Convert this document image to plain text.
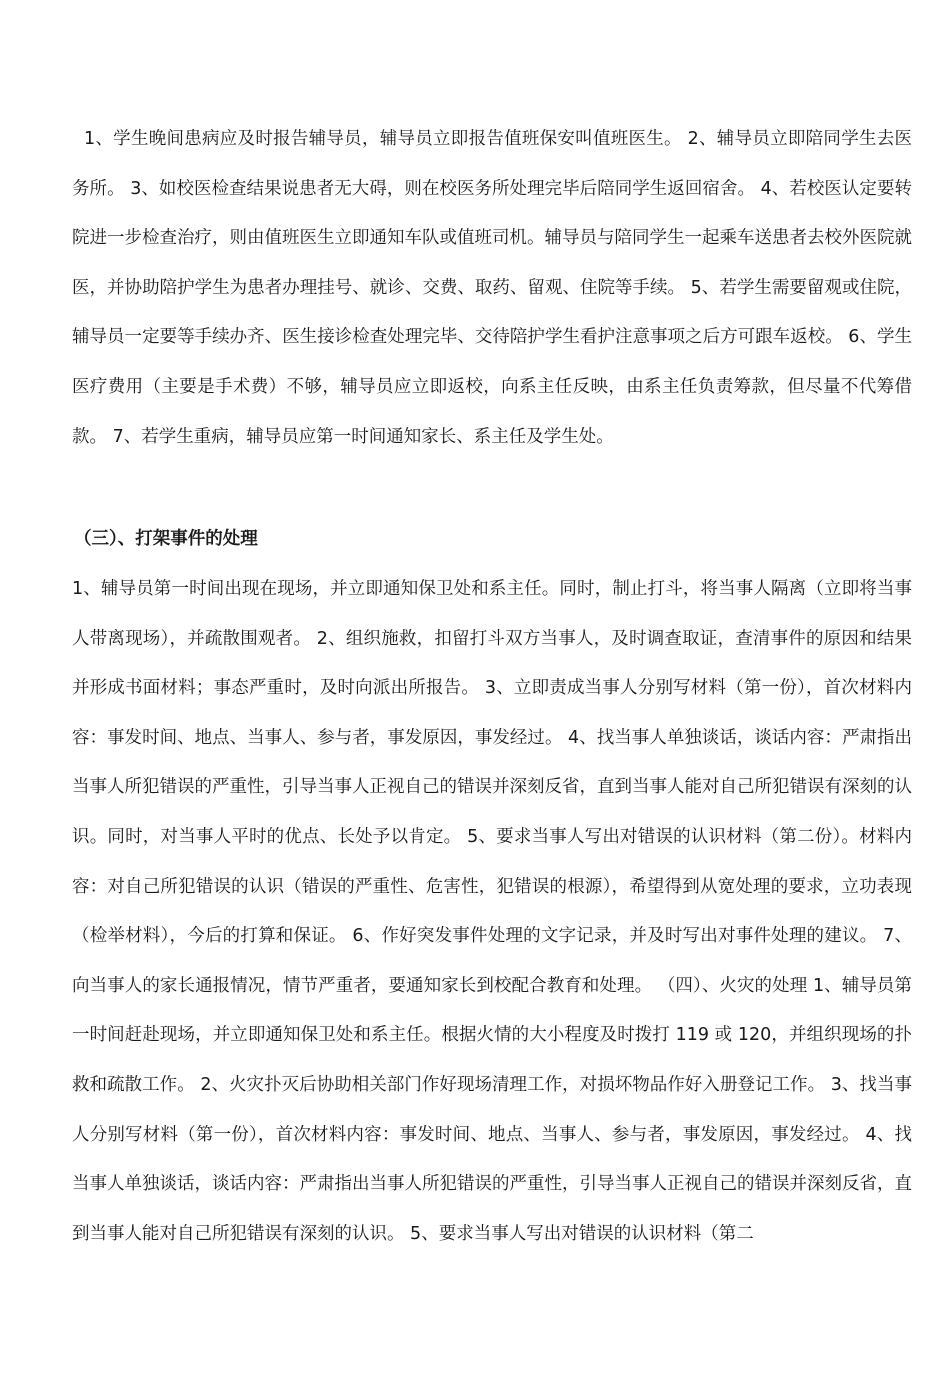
1、学生晚间患病应及时报告辅导员，辅导员立即报告值班保安叫值班医生。 2、辅导员立即陪同学生去医务所。 3、如校医检查结果说患者无大碍，则在校医务所处理完毕后陪同学生返回宿舍。 4、若校医认定要转院进一步检查治疗，则由值班医生立即通知车队或值班司机。辅导员与陪同学生一起乘车送患者去校外医院就医，并协助陪护学生为患者办理挂号、就诊、交费、取药、留观、住院等手续。 5、若学生需要留观或住院，辅导员一定要等手续办齐、医生接诊检查处理完毕、交待陪护学生看护注意事项之后方可跟车返校。 6、学生医疗费用（主要是手术费）不够，辅导员应立即返校，向系主任反映，由系主任负责筹款，但尽量不代筹借款。 7、若学生重病，辅导员应第一时间通知家长、系主任及学生处。
（三）、打架事件的处理
1、辅导员第一时间出现在现场，并立即通知保卫处和系主任。同时，制止打斗，将当事人隔离（立即将当事人带离现场），并疏散围观者。 2、组织施救，扣留打斗双方当事人，及时调查取证，查清事件的原因和结果并形成书面材料；事态严重时，及时向派出所报告。 3、立即责成当事人分别写材料（第一份），首次材料内容：事发时间、地点、当事人、参与者，事发原因，事发经过。 4、找当事人单独谈话，谈话内容：严肃指出当事人所犯错误的严重性，引导当事人正视自己的错误并深刻反省，直到当事人能对自己所犯错误有深刻的认识。同时，对当事人平时的优点、长处予以肯定。 5、要求当事人写出对错误的认识材料（第二份）。材料内容：对自己所犯错误的认识（错误的严重性、危害性，犯错误的根源），希望得到从宽处理的要求，立功表现（检举材料），今后的打算和保证。 6、作好突发事件处理的文字记录，并及时写出对事件处理的建议。 7、向当事人的家长通报情况，情节严重者，要通知家长到校配合教育和处理。 （四）、火灾的处理 1、辅导员第一时间赶赴现场，并立即通知保卫处和系主任。根据火情的大小程度及时拨打 119 或 120，并组织现场的扑救和疏散工作。 2、火灾扑灭后协助相关部门作好现场清理工作，对损坏物品作好入册登记工作。 3、找当事人分别写材料（第一份），首次材料内容：事发时间、地点、当事人、参与者，事发原因，事发经过。 4、找当事人单独谈话，谈话内容：严肃指出当事人所犯错误的严重性，引导当事人正视自己的错误并深刻反省，直到当事人能对自己所犯错误有深刻的认识。 5、要求当事人写出对错误的认识材料（第二
